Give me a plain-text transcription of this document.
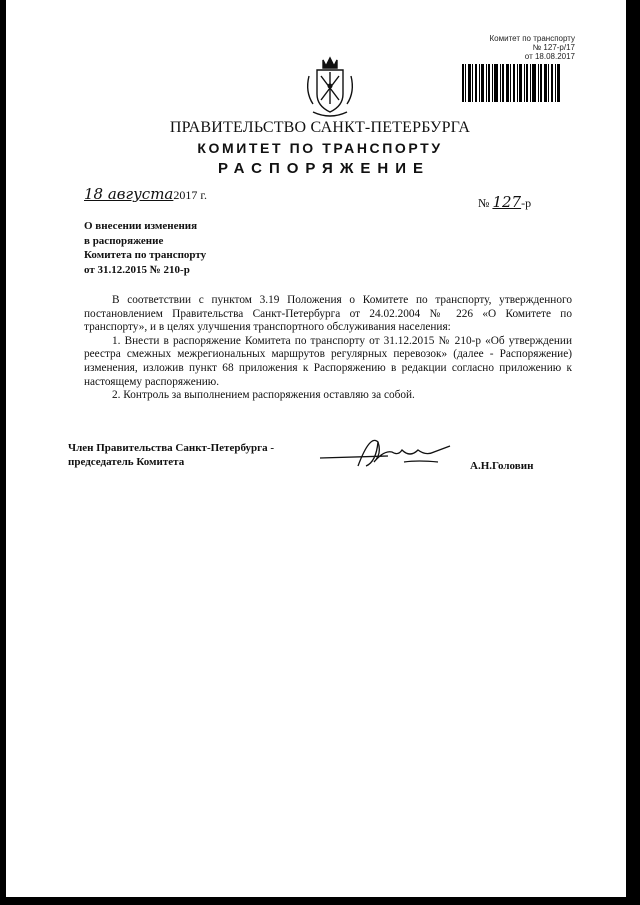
Комитет по транспорту
№ 127-р/17
от 18.08.2017
ПРАВИТЕЛЬСТВО САНКТ-ПЕТЕРБУРГА
КОМИТЕТ ПО ТРАНСПОРТУ
РАСПОРЯЖЕНИЕ
18 августа2017 г.
№ 127-р
О внесении изменения
в распоряжение
Комитета по транспорту
от 31.12.2015 № 210-р

В соответствии с пунктом 3.19 Положения о Комитете по транспорту, утвержденного постановлением Правительства Санкт-Петербурга от 24.02.2004 № 226 «О Комитете по транспорту», и в целях улучшения транспортного обслуживания населения:

1. Внести в распоряжение Комитета по транспорту от 31.12.2015 № 210-р «Об утверждении реестра смежных межрегиональных маршрутов регулярных перевозок» (далее - Распоряжение) изменения, изложив пункт 68 приложения к Распоряжению в редакции согласно приложению к настоящему распоряжению.

2. Контроль за выполнением распоряжения оставляю за собой.

Член Правительства Санкт-Петербурга -
председатель Комитета	А.Н.Головин
